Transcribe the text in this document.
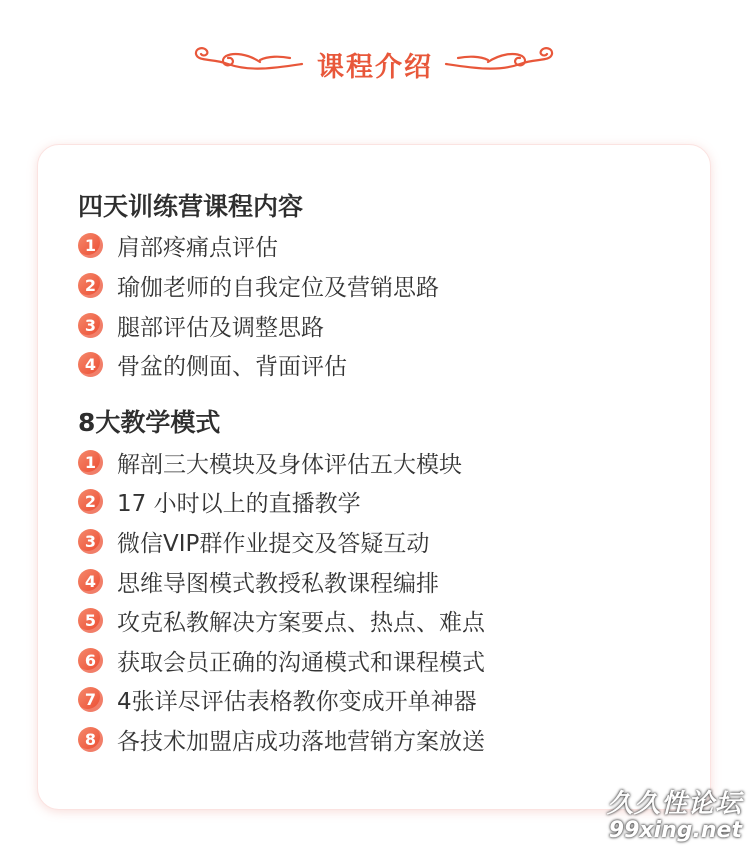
课程介绍
四天训练营课程内容
1 肩部疼痛点评估
2 瑜伽老师的自我定位及营销思路
3 腿部评估及调整思路
4 骨盆的侧面、背面评估
8大教学模式
1 解剖三大模块及身体评估五大模块
2 17 小时以上的直播教学
3 微信VIP群作业提交及答疑互动
4 思维导图模式教授私教课程编排
5 攻克私教解决方案要点、热点、难点
6 获取会员正确的沟通模式和课程模式
7 4张详尽评估表格教你变成开单神器
8 各技术加盟店成功落地营销方案放送
久久性论坛
99xing.net
